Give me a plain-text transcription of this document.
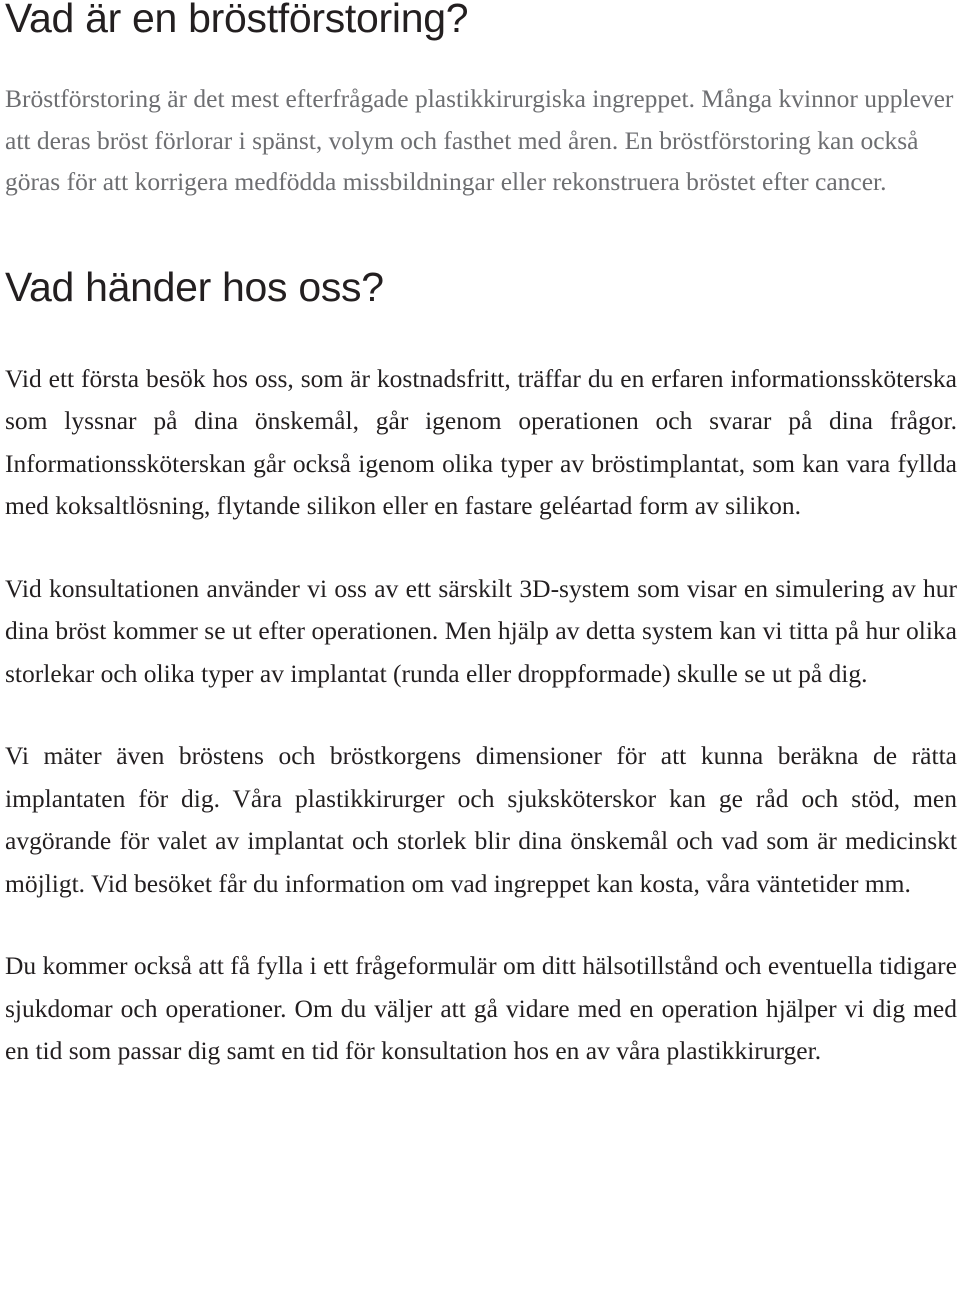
Vad är en bröstförstoring?

Bröstförstoring är det mest efterfrågade plastikkirurgiska ingreppet. Många kvinnor upplever att deras bröst förlorar i spänst, volym och fasthet med åren. En bröstförstoring kan också göras för att korrigera medfödda missbildningar eller rekonstruera bröstet efter cancer.

Vad händer hos oss?

Vid ett första besök hos oss, som är kostnadsfritt, träffar du en erfaren informationssköterska som lyssnar på dina önskemål, går igenom operationen och svarar på dina frågor. Informationssköterskan går också igenom olika typer av bröstimplantat, som kan vara fyllda med koksaltlösning, flytande silikon eller en fastare geléartad form av silikon.

Vid konsultationen använder vi oss av ett särskilt 3D-system som visar en simulering av hur dina bröst kommer se ut efter operationen. Men hjälp av detta system kan vi titta på hur olika storlekar och olika typer av implantat (runda eller droppformade) skulle se ut på dig.

Vi mäter även bröstens och bröstkorgens dimensioner för att kunna beräkna de rätta implantaten för dig. Våra plastikkirurger och sjuksköterskor kan ge råd och stöd, men avgörande för valet av implantat och storlek blir dina önskemål och vad som är medicinskt möjligt. Vid besöket får du information om vad ingreppet kan kosta, våra väntetider mm.

Du kommer också att få fylla i ett frågeformulär om ditt hälsotillstånd och eventuella tidigare sjukdomar och operationer. Om du väljer att gå vidare med en operation hjälper vi dig med en tid som passar dig samt en tid för konsultation hos en av våra plastikkirurger.
